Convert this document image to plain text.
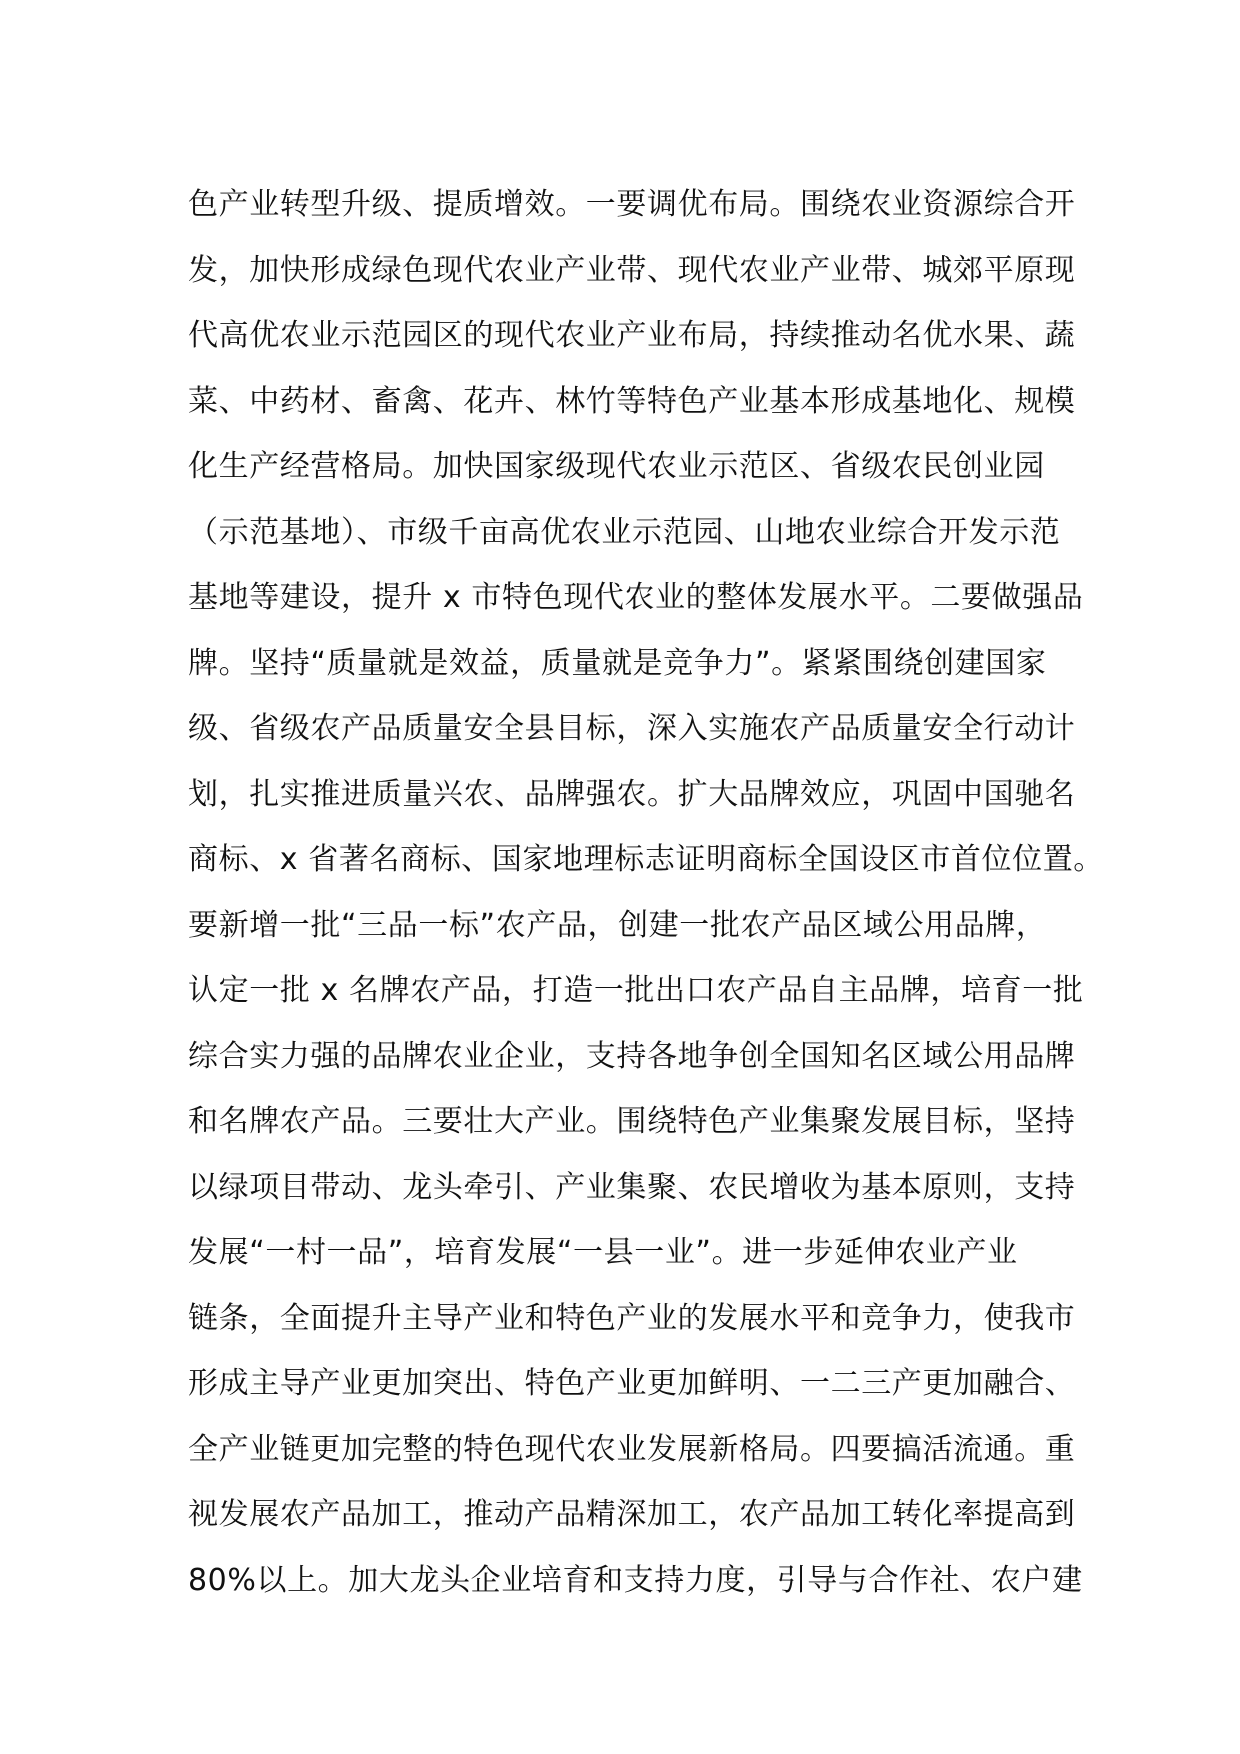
色产业转型升级、提质增效。一要调优布局。围绕农业资源综合开
发，加快形成绿色现代农业产业带、现代农业产业带、城郊平原现
代高优农业示范园区的现代农业产业布局，持续推动名优水果、蔬
菜、中药材、畜禽、花卉、林竹等特色产业基本形成基地化、规模
化生产经营格局。加快国家级现代农业示范区、省级农民创业园
（示范基地）、市级千亩高优农业示范园、山地农业综合开发示范
基地等建设，提升 x 市特色现代农业的整体发展水平。二要做强品
牌。坚持“质量就是效益，质量就是竞争力”。紧紧围绕创建国家
级、省级农产品质量安全县目标，深入实施农产品质量安全行动计
划，扎实推进质量兴农、品牌强农。扩大品牌效应，巩固中国驰名
商标、x 省著名商标、国家地理标志证明商标全国设区市首位位置。
要新增一批“三品一标”农产品，创建一批农产品区域公用品牌，
认定一批 x 名牌农产品，打造一批出口农产品自主品牌，培育一批
综合实力强的品牌农业企业，支持各地争创全国知名区域公用品牌
和名牌农产品。三要壮大产业。围绕特色产业集聚发展目标，坚持
以绿项目带动、龙头牵引、产业集聚、农民增收为基本原则，支持
发展“一村一品”，培育发展“一县一业”。进一步延伸农业产业
链条，全面提升主导产业和特色产业的发展水平和竞争力，使我市
形成主导产业更加突出、特色产业更加鲜明、一二三产更加融合、
全产业链更加完整的特色现代农业发展新格局。四要搞活流通。重
视发展农产品加工，推动产品精深加工，农产品加工转化率提高到
80%以上。加大龙头企业培育和支持力度，引导与合作社、农户建
